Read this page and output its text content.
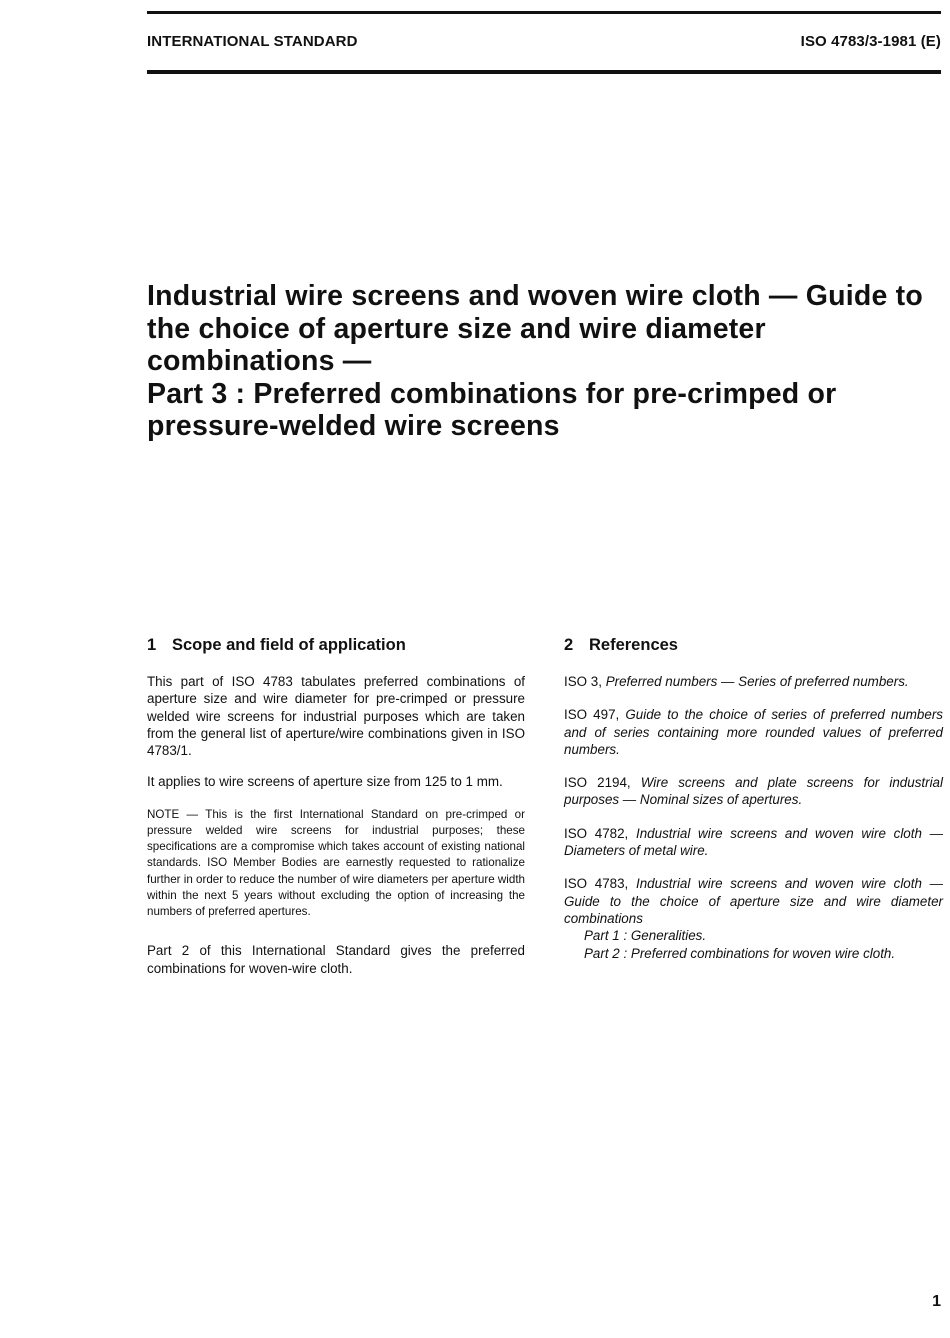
INTERNATIONAL STANDARD	ISO 4783/3-1981 (E)
Industrial wire screens and woven wire cloth — Guide to
the choice of aperture size and wire diameter
combinations —
Part 3 : Preferred combinations for pre-crimped or
pressure-welded wire screens
1 Scope and field of application

This part of ISO 4783 tabulates preferred combinations of aperture size and wire diameter for pre-crimped or pressure welded wire screens for industrial purposes which are taken from the general list of aperture/wire combinations given in ISO 4783/1.

It applies to wire screens of aperture size from 125 to 1 mm.

NOTE — This is the first International Standard on pre-crimped or pressure welded wire screens for industrial purposes; these specifications are a compromise which takes account of existing national standards. ISO Member Bodies are earnestly requested to rationalize further in order to reduce the number of wire diameters per aperture width within the next 5 years without excluding the option of increasing the numbers of preferred apertures.

Part 2 of this International Standard gives the preferred combinations for woven-wire cloth.

2 References

ISO 3, Preferred numbers — Series of preferred numbers.

ISO 497, Guide to the choice of series of preferred numbers and of series containing more rounded values of preferred numbers.

ISO 2194, Wire screens and plate screens for industrial purposes — Nominal sizes of apertures.

ISO 4782, Industrial wire screens and woven wire cloth — Diameters of metal wire.

ISO 4783, Industrial wire screens and woven wire cloth — Guide to the choice of aperture size and wire diameter combinations

Part 1 : Generalities.

Part 2 : Preferred combinations for woven wire cloth.

1
